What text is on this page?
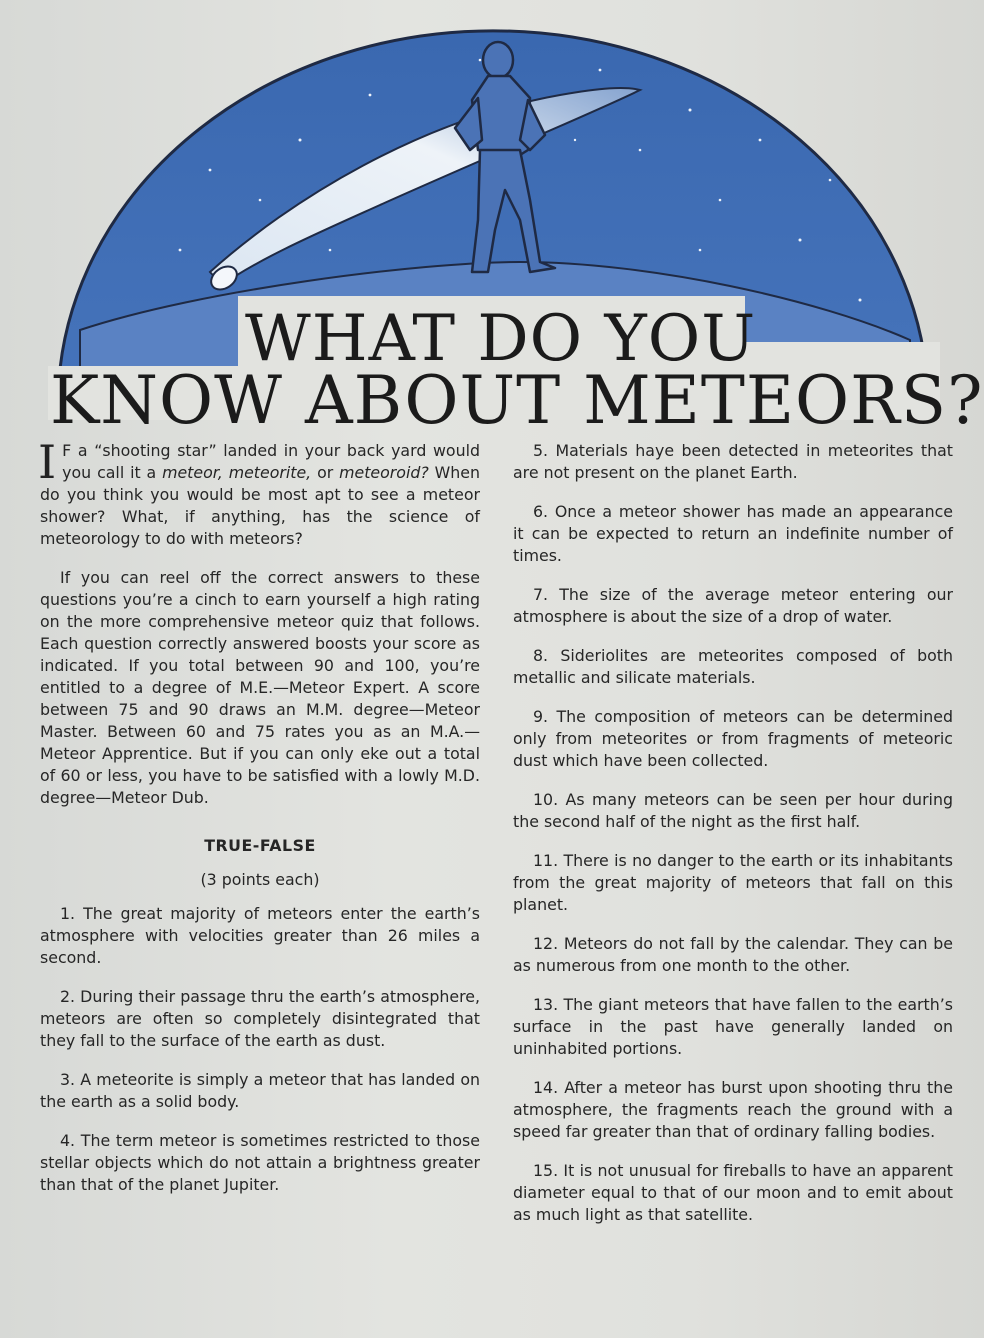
WHAT DO YOU
KNOW ABOUT METEORS?

I F a “shooting star” landed in your back yard would you call it a meteor, meteorite, or meteoroid? When do you think you would be most apt to see a meteor shower? What, if anything, has the science of meteorology to do with meteors?

If you can reel off the correct answers to these questions you’re a cinch to earn yourself a high rating on the more comprehensive meteor quiz that follows. Each question correctly answered boosts your score as indicated. If you total between 90 and 100, you’re entitled to a degree of M.E.—Meteor Expert. A score between 75 and 90 draws an M.M. degree—Meteor Master. Between 60 and 75 rates you as an M.A.—Meteor Apprentice. But if you can only eke out a total of 60 or less, you have to be satisfied with a lowly M.D. degree—Meteor Dub.

TRUE-FALSE

(3 points each)

1. The great majority of meteors enter the earth’s atmosphere with velocities greater than 26 miles a second.

2. During their passage thru the earth’s atmosphere, meteors are often so completely disintegrated that they fall to the surface of the earth as dust.

3. A meteorite is simply a meteor that has landed on the earth as a solid body.

4. The term meteor is sometimes restricted to those stellar objects which do not attain a brightness greater than that of the planet Jupiter.

5. Materials haye been detected in meteorites that are not present on the planet Earth.

6. Once a meteor shower has made an appearance it can be expected to return an indefinite number of times.

7. The size of the average meteor entering our atmosphere is about the size of a drop of water.

8. Sideriolites are meteorites composed of both metallic and silicate materials.

9. The composition of meteors can be determined only from meteorites or from fragments of meteoric dust which have been collected.

10. As many meteors can be seen per hour during the second half of the night as the first half.

11. There is no danger to the earth or its inhabitants from the great majority of meteors that fall on this planet.

12. Meteors do not fall by the calendar. They can be as numerous from one month to the other.

13. The giant meteors that have fallen to the earth’s surface in the past have generally landed on uninhabited portions.

14. After a meteor has burst upon shooting thru the atmosphere, the fragments reach the ground with a speed far greater than that of ordinary falling bodies.

15. It is not unusual for fireballs to have an apparent diameter equal to that of our moon and to emit about as much light as that satellite.
